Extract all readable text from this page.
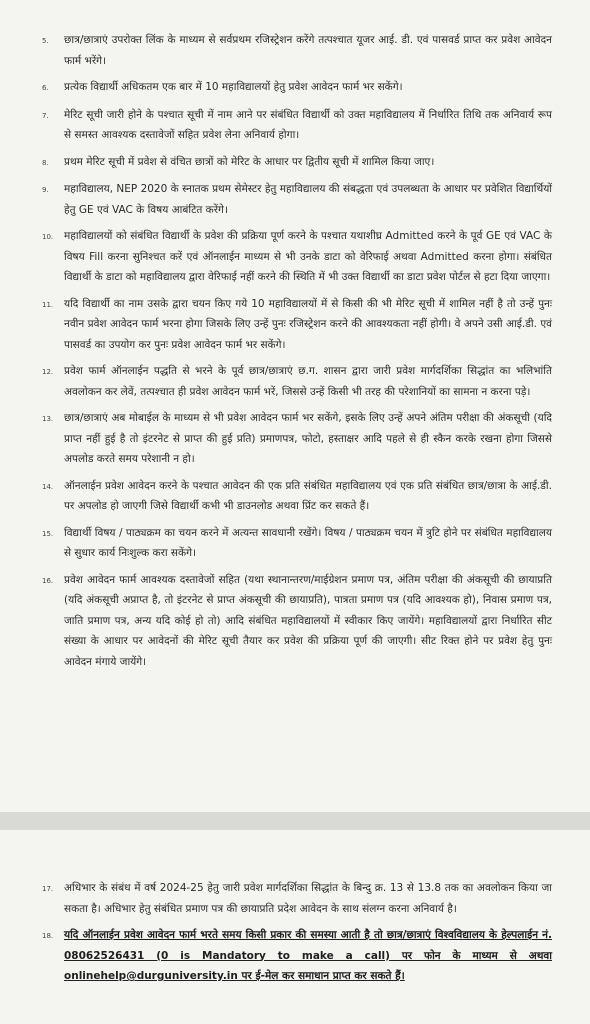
5.	छात्र/छात्राएं उपरोक्त लिंक के माध्यम से सर्वप्रथम रजिस्ट्रेशन करेंगे तत्पश्चात यूजर आई. डी. एवं पासवर्ड प्राप्त कर प्रवेश आवेदन फार्म भरेंगे।
6.	प्रत्येक विद्यार्थी अधिकतम एक बार में 10 महाविद्यालयों हेतु प्रवेश आवेदन फार्म भर सकेंगे।
7.	मेरिट सूची जारी होने के पश्चात सूची में नाम आने पर संबंधित विद्यार्थी को उक्त महाविद्यालय में निर्धारित तिथि तक अनिवार्य रूप से समस्त आवश्यक दस्तावेजों सहित प्रवेश लेना अनिवार्य होगा।
8.	प्रथम मेरिट सूची में प्रवेश से वंचित छात्रों को मेरिट के आधार पर द्वितीय सूची में शामिल किया जाए।
9.	महाविद्यालय, NEP 2020 के स्नातक प्रथम सेमेस्टर हेतु महाविद्यालय की संबद्धता एवं उपलब्धता के आधार पर प्रवेशित विद्यार्थियों हेतु GE एवं VAC के विषय आबंटित करेंगे।
10.	महाविद्यालयों को संबंधित विद्यार्थी के प्रवेश की प्रक्रिया पूर्ण करने के पश्चात यथाशीघ्र Admitted करने के पूर्व GE एवं VAC के विषय Fill करना सुनिश्चत करें एवं ऑनलाईन माध्यम से भी उनके डाटा को वेरिफाई अथवा Admitted करना होगा। संबंधित विद्यार्थी के डाटा को महाविद्यालय द्वारा वेरिफाई नहीं करने की स्थिति में भी उक्त विद्यार्थी का डाटा प्रवेश पोर्टल से हटा दिया जाएगा।
11.	यदि विद्यार्थी का नाम उसके द्वारा चयन किए गये 10 महाविद्यालयों में से किसी की भी मेरिट सूची में शामिल नहीं है तो उन्हें पुनः नवीन प्रवेश आवेदन फार्म भरना होगा जिसके लिए उन्हें पुनः रजिस्ट्रेशन करने की आवश्यकता नहीं होगी। वे अपने उसी आई.डी. एवं पासवर्ड का उपयोग कर पुनः प्रवेश आवेदन फार्म भर सकेंगे।
12.	प्रवेश फार्म ऑनलाईन पद्धति से भरने के पूर्व छात्र/छात्राएं छ.ग. शासन द्वारा जारी प्रवेश मार्गदर्शिका सिद्धांत का भलिभांति अवलोकन कर लेवें, तत्पश्चात ही प्रवेश आवेदन फार्म भरें, जिससे उन्हें किसी भी तरह की परेशानियों का सामना न करना पड़े।
13.	छात्र/छात्राएं अब मोबाईल के माध्यम से भी प्रवेश आवेदन फार्म भर सकेंगे, इसके लिए उन्हें अपने अंतिम परीक्षा की अंकसूची (यदि प्राप्त नहीं हुई है तो इंटरनेट से प्राप्त की हुई प्रति) प्रमाणपत्र, फोटो, हस्ताक्षर आदि पहले से ही स्कैन करके रखना होगा जिससे अपलोड करते समय परेशानी न हो।
14.	ऑनलाईन प्रवेश आवेदन करने के पश्चात आवेदन की एक प्रति संबंधित महाविद्यालय एवं एक प्रति संबंधित छात्र/छात्रा के आई.डी. पर अपलोड हो जाएगी जिसे विद्यार्थी कभी भी डाउनलोड अथवा प्रिंट कर सकते हैं।
15.	विद्यार्थी विषय / पाठ्यक्रम का चयन करने में अत्यन्त सावधानी रखेंगे। विषय / पाठ्यक्रम चयन में त्रुटि होने पर संबंधित महाविद्यालय से सुधार कार्य निःशुल्क करा सकेंगे।
16.	प्रवेश आवेदन फार्म आवश्यक दस्तावेजों सहित (यथा स्थानान्तरण/माईग्रेशन प्रमाण पत्र, अंतिम परीक्षा की अंकसूची की छायाप्रति (यदि अंकसूची अप्राप्त है, तो इंटरनेट से प्राप्त अंकसूची की छायाप्रति), पात्रता प्रमाण पत्र (यदि आवश्यक हो), निवास प्रमाण पत्र, जाति प्रमाण पत्र, अन्य यदि कोई हो तो) आदि संबंधित महाविद्यालयों में स्वीकार किए जायेंगे। महाविद्यालयों द्वारा निर्धारित सीट संख्या के आधार पर आवेदनों की मेरिट सूची तैयार कर प्रवेश की प्रक्रिया पूर्ण की जाएगी। सीट रिक्त होने पर प्रवेश हेतु पुनः आवेदन मंगाये जायेंगे।
17.	अधिभार के संबंध में वर्ष 2024-25 हेतु जारी प्रवेश मार्गदर्शिका सिद्धांत के बिन्दु क्र. 13 से 13.8 तक का अवलोकन किया जा सकता है। अधिभार हेतु संबंधित प्रमाण पत्र की छायाप्रति प्रदेश आवेदन के साथ संलग्न करना अनिवार्य है।
18.	यदि ऑनलाईन प्रवेश आवेदन फार्म भरते समय किसी प्रकार की समस्या आती है तो छात्र/छात्राएं विश्वविद्यालय के हेल्पलाईन नं. 08062526431 (0 is Mandatory to make a call) पर फोन के माध्यम से अथवा onlinehelp@durguniversity.in पर ई-मेल कर समाधान प्राप्त कर सकते हैं।
